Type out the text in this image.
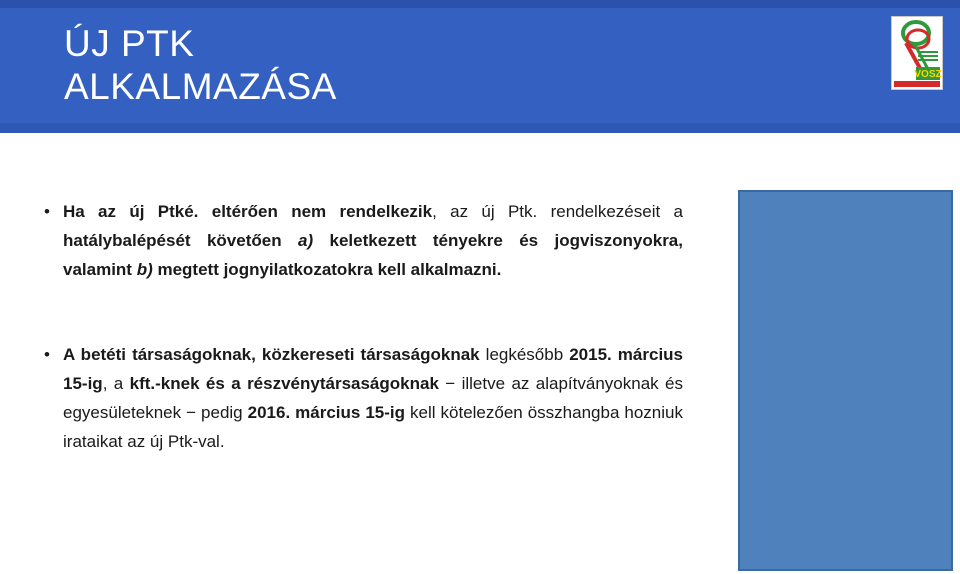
ÚJ PTK
ALKALMAZÁSA	VOSZ
• Ha az új Ptké. eltérően nem rendelkezik, az új Ptk. rendelkezéseit a hatálybalépését követően a) keletkezett tényekre és jogviszonyokra, valamint b) megtett jognyilatkozatokra kell alkalmazni.
• A betéti társaságoknak, közkereseti társaságoknak legkésőbb 2015. március 15-ig, a kft.-knek és a részvénytársaságoknak − illetve az alapítványoknak és egyesületeknek − pedig 2016. március 15-ig kell kötelezően összhangba hozniuk irataikat az új Ptk-val.
